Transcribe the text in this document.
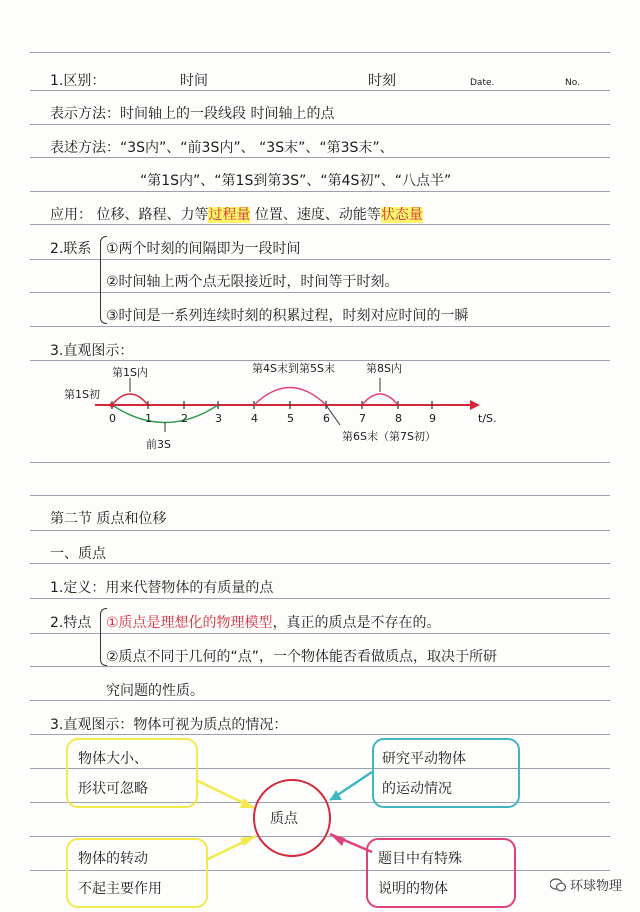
1.区别：	时间	时刻	Date.	No.
表示方法：时间轴上的一段线段 时间轴上的点
表述方法：“3S内”、“前3S内”、 “3S末”、“第3S末”、
“第1S内”、“第1S到第3S”、“第4S初”、“八点半”
应用： 位移、路程、力等过程量 位置、速度、动能等状态量
2.联系 ①两个时刻的间隔即为一段时间
②时间轴上两个点无限接近时，时间等于时刻。
③时间是一系列连续时刻的积累过程，时刻对应时间的一瞬
3.直观图示：
0	1	2 3	4	5	6	7	8 9	t/S.
第1S内
第1S初
第4S末到第5S末	第8S内
前3S
第6S末（第7S初）
第二节 质点和位移
一、质点
1.定义：用来代替物体的有质量的点
2.特点 ①质点是理想化的物理模型，真正的质点是不存在的。
②质点不同于几何的“点”，一个物体能否看做质点，取决于所研
究问题的性质。
3.直观图示：物体可视为质点的情况：
质点
物体大小、
形状可忽略
研究平动物体
的运动情况
物体的转动
不起主要作用
题目中有特殊
说明的物体	环球物理
